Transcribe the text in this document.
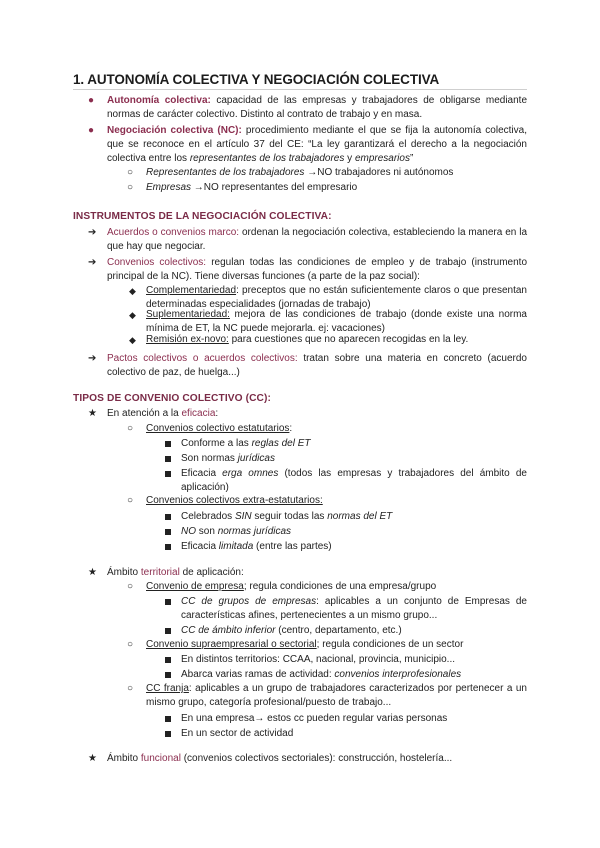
1. AUTONOMÍA COLECTIVA Y NEGOCIACIÓN COLECTIVA
● Autonomía colectiva: capacidad de las empresas y trabajadores de obligarse mediante normas de carácter colectivo. Distinto al contrato de trabajo y en masa.
● Negociación colectiva (NC): procedimiento mediante el que se fija la autonomía colectiva, que se reconoce en el artículo 37 del CE: “La ley garantizará el derecho a la negociación colectiva entre los representantes de los trabajadores y empresarios”
○ Representantes de los trabajadores →NO trabajadores ni autónomos
○ Empresas →NO representantes del empresario
INSTRUMENTOS DE LA NEGOCIACIÓN COLECTIVA:
➔ Acuerdos o convenios marco: ordenan la negociación colectiva, estableciendo la manera en la que hay que negociar.
➔ Convenios colectivos: regulan todas las condiciones de empleo y de trabajo (instrumento principal de la NC). Tiene diversas funciones (a parte de la paz social):
◆ Complementariedad: preceptos que no están suficientemente claros o que presentan determinadas especialidades (jornadas de trabajo)
◆ Suplementariedad: mejora de las condiciones de trabajo (donde existe una norma mínima de ET, la NC puede mejorarla. ej: vacaciones)
◆ Remisión ex-novo: para cuestiones que no aparecen recogidas en la ley.
➔ Pactos colectivos o acuerdos colectivos: tratan sobre una materia en concreto (acuerdo colectivo de paz, de huelga...)
TIPOS DE CONVENIO COLECTIVO (CC):
★ En atención a la eficacia:
○ Convenios colectivo estatutarios:
Conforme a las reglas del ET
Son normas jurídicas
Eficacia erga omnes (todos las empresas y trabajadores del ámbito de aplicación)
○ Convenios colectivos extra-estatutarios:
Celebrados SIN seguir todas las normas del ET
NO son normas jurídicas
Eficacia limitada (entre las partes)
★ Ámbito territorial de aplicación:
○ Convenio de empresa; regula condiciones de una empresa/grupo
CC de grupos de empresas: aplicables a un conjunto de Empresas de características afines, pertenecientes a un mismo grupo...
CC de ámbito inferior (centro, departamento, etc.)
○ Convenio supraempresarial o sectorial; regula condiciones de un sector
En distintos territorios: CCAA, nacional, provincia, municipio...
Abarca varias ramas de actividad: convenios interprofesionales
○ CC franja: aplicables a un grupo de trabajadores caracterizados por pertenecer a un mismo grupo, categoría profesional/puesto de trabajo...
En una empresa→ estos cc pueden regular varias personas
En un sector de actividad
★ Ámbito funcional (convenios colectivos sectoriales): construcción, hostelería...
